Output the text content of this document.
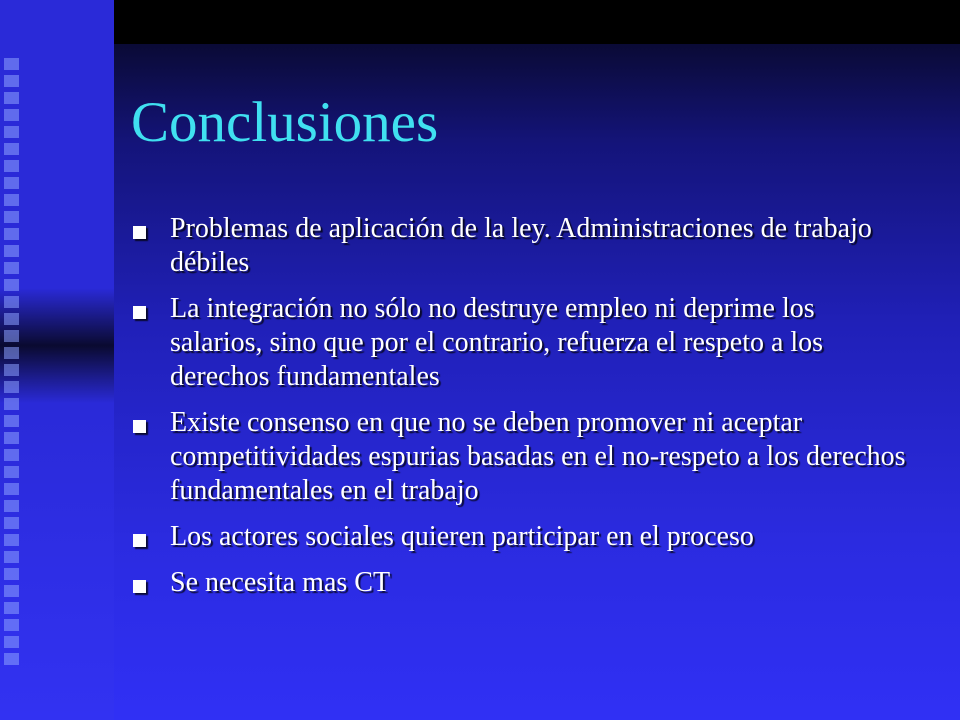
Conclusiones
Problemas de aplicación de la ley. Administraciones de trabajo débiles
La integración no sólo no destruye empleo ni deprime los salarios, sino que por el contrario, refuerza el respeto a los derechos fundamentales
Existe consenso en que no se deben promover ni aceptar competitividades espurias basadas en el no-respeto a los derechos fundamentales en el trabajo
Los actores sociales quieren participar en el proceso
Se necesita mas CT
